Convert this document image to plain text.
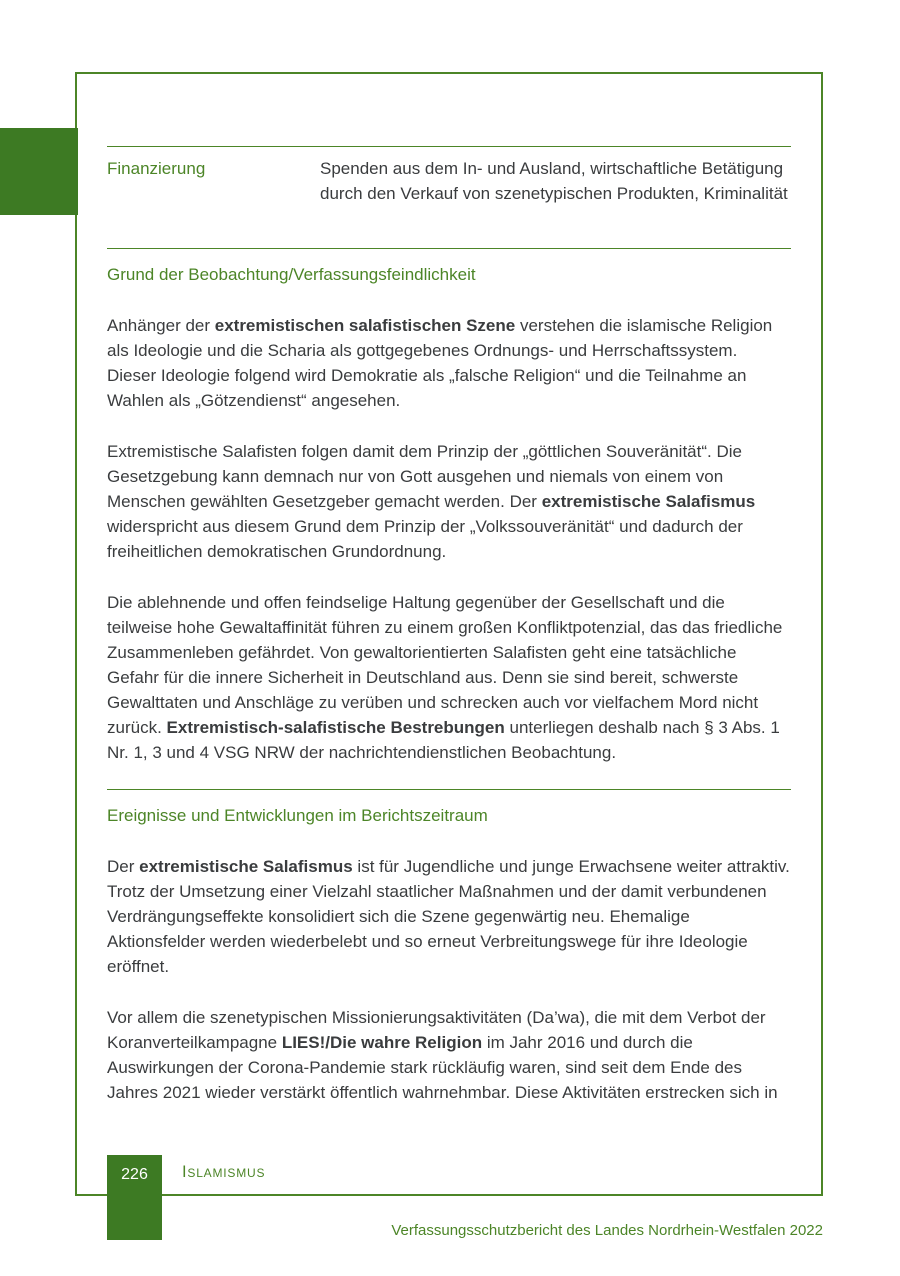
Finanzierung	Spenden aus dem In- und Ausland, wirtschaftliche Betätigung durch den Verkauf von szenetypischen Produkten, Kriminalität
Grund der Beobachtung/Verfassungsfeindlichkeit

Anhänger der extremistischen salafistischen Szene verstehen die islamische Religion als Ideologie und die Scharia als gottgegebenes Ordnungs- und Herrschaftssystem. Dieser Ideologie folgend wird Demokratie als „falsche Religion“ und die Teilnahme an Wahlen als „Götzendienst“ angesehen.

Extremistische Salafisten folgen damit dem Prinzip der „göttlichen Souveränität“. Die Gesetzgebung kann demnach nur von Gott ausgehen und niemals von einem von Menschen gewählten Gesetzgeber gemacht werden. Der extremistische Salafismus widerspricht aus diesem Grund dem Prinzip der „Volkssouveränität“ und dadurch der freiheitlichen demokratischen Grundordnung.

Die ablehnende und offen feindselige Haltung gegenüber der Gesellschaft und die teilweise hohe Gewaltaffinität führen zu einem großen Konfliktpotenzial, das das friedliche Zusammenleben gefährdet. Von gewaltorientierten Salafisten geht eine tatsächliche Gefahr für die innere Sicherheit in Deutschland aus. Denn sie sind bereit, schwerste Gewalttaten und Anschläge zu verüben und schrecken auch vor vielfachem Mord nicht zurück. Extremistisch-salafistische Bestrebungen unterliegen deshalb nach § 3 Abs. 1 Nr. 1, 3 und 4 VSG NRW der nachrichtendienstlichen Beobachtung.

Ereignisse und Entwicklungen im Berichtszeitraum

Der extremistische Salafismus ist für Jugendliche und junge Erwachsene weiter attraktiv. Trotz der Umsetzung einer Vielzahl staatlicher Maßnahmen und der damit verbundenen Verdrängungseffekte konsolidiert sich die Szene gegenwärtig neu. Ehemalige Aktionsfelder werden wiederbelebt und so erneut Verbreitungswege für ihre Ideologie eröffnet.

Vor allem die szenetypischen Missionierungsaktivitäten (Da’wa), die mit dem Verbot der Koranverteilkampagne LIES!/Die wahre Religion im Jahr 2016 und durch die Auswirkungen der Corona-Pandemie stark rückläufig waren, sind seit dem Ende des Jahres 2021 wieder verstärkt öffentlich wahrnehmbar. Diese Aktivitäten erstrecken sich in

226	Islamismus
Verfassungsschutzbericht des Landes Nordrhein-Westfalen 2022
